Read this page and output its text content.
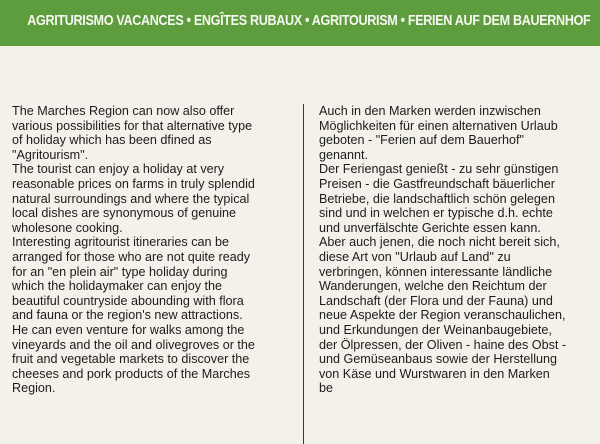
AGRITURISMO VACANCES • ENGÎTES RUBAUX • AGRITOURISM • FERIEN AUF DEM BAUERNHOF
The Marches Region can now also offer
various possibilities for that alternative type
of holiday which has been dfined as
"Agritourism".
The tourist can enjoy a holiday at very
reasonable prices on farms in truly splendid
natural surroundings and where the typical
local dishes are synonymous of genuine
wholesone cooking.
Interesting agritourist itineraries can be
arranged for those who are not quite ready
for an "en plein air" type holiday during
which the holidaymaker can enjoy the
beautiful countryside abounding with flora
and fauna or the region's new attractions.
He can even venture for walks among the
vineyards and the oil and olivegroves or the
fruit and vegetable markets to discover the
cheeses and pork products of the Marches
Region.
Auch in den Marken werden inzwischen
Möglichkeiten für einen alternativen Urlaub
geboten - "Ferien auf dem Bauerhof"
genannt.
Der Feriengast genießt - zu sehr günstigen
Preisen - die Gastfreundschaft bäuerlicher
Betriebe, die landschaftlich schön gelegen
sind und in welchen er typische d.h. echte
und unverfälschte Gerichte essen kann.
Aber auch jenen, die noch nicht bereit sich,
diese Art von "Urlaub auf Land" zu
verbringen, können interessante ländliche
Wanderungen, welche den Reichtum der
Landschaft (der Flora und der Fauna) und
neue Aspekte der Region veranschaulichen,
und Erkundungen der Weinanbaugebiete,
der Ölpressen, der Oliven - haine des Obst -
und Gemüseanbaus sowie der Herstellung
von Käse und Wurstwaren in den Marken
be
